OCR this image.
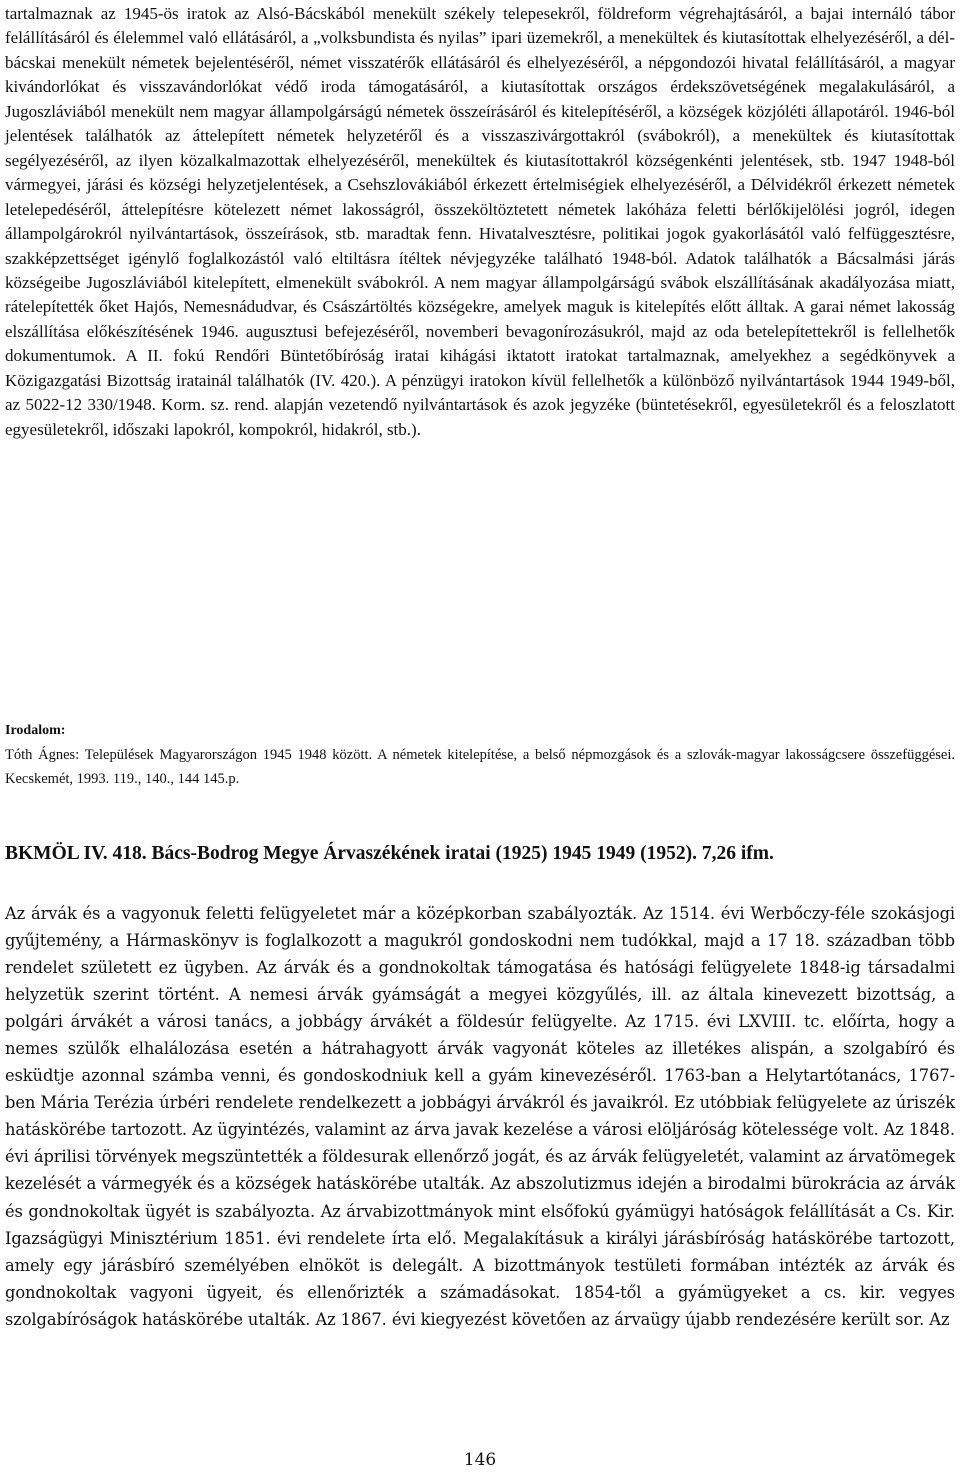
tartalmaznak az 1945-ös iratok az Alsó-Bácskából menekült székely telepesekről, földreform végrehajtásáról, a bajai internáló tábor felállításáról és élelemmel való ellátásáról, a „volksbundista és nyilas” ipari üzemekről, a menekültek és kiutasítottak elhelyezéséről, a dél-bácskai menekült németek bejelentéséről, német visszatérők ellátásáról és elhelyezéséről, a népgondozói hivatal felállításáról, a magyar kivándorlókat és visszavándorlókat védő iroda támogatásáról, a kiutasítottak országos érdekszövetségének megalakulásáról, a Jugoszláviából menekült nem magyar állampolgárságú németek összeírásáról és kitelepítéséről, a községek közjóléti állapotáról. 1946-ból jelentések találhatók az áttelepített németek helyzetéről és a visszaszivárgottakról (svábokról), a menekültek és kiutasítottak segélyezéséről, az ilyen közalkalmazottak elhelyezéséről, menekültek és kiutasítottakról községenkénti jelentések, stb. 1947 1948-ból vármegyei, járási és községi helyzetjelentések, a Csehszlovákiából érkezett értelmiségiek elhelyezéséről, a Délvidékről érkezett németek letelepedéséről, áttelepítésre kötelezett német lakosságról, összeköltöztetett németek lakóháza feletti bérlőkijelölési jogról, idegen állampolgárokról nyilvántartások, összeírások, stb. maradtak fenn. Hivatalvesztésre, politikai jogok gyakorlásától való felfüggesztésre, szakképzettséget igénylő foglalkozástól való eltiltásra ítéltek névjegyzéke található 1948-ból. Adatok találhatók a Bácsalmási járás községeibe Jugoszláviából kitelepített, elmenekült svábokról. A nem magyar állampolgárságú svábok elszállításának akadályozása miatt, rátelepítették őket Hajós, Nemesnádudvar, és Császártöltés községekre, amelyek maguk is kitelepítés előtt álltak. A garai német lakosság elszállítása előkészítésének 1946. augusztusi befejezéséről, novemberi bevagonírozásukról, majd az oda betelepítettekről is fellelhetők dokumentumok. A II. fokú Rendőri Büntetőbíróság iratai kihágási iktatott iratokat tartalmaznak, amelyekhez a segédkönyvek a Közigazgatási Bizottság iratainál találhatók (IV. 420.). A pénzügyi iratokon kívül fellelhetők a különböző nyilvántartások 1944 1949-ből, az 5022-12 330/1948. Korm. sz. rend. alapján vezetendő nyilvántartások és azok jegyzéke (büntetésekről, egyesületekről és a feloszlatott egyesületekről, időszaki lapokról, kompokról, hidakról, stb.).

Irodalom:

Tóth Ágnes: Települések Magyarországon 1945 1948 között. A németek kitelepítése, a belső népmozgások és a szlovák-magyar lakosságcsere összefüggései. Kecskemét, 1993. 119., 140., 144 145.p.

BKMÖL IV. 418. Bács-Bodrog Megye Árvaszékének iratai (1925) 1945 1949 (1952). 7,26 ifm.

Az árvák és a vagyonuk feletti felügyeletet már a középkorban szabályozták. Az 1514. évi Werbőczy-féle szokásjogi gyűjtemény, a Hármaskönyv is foglalkozott a magukról gondoskodni nem tudókkal, majd a 17 18. században több rendelet született ez ügyben. Az árvák és a gondnokoltak támogatása és hatósági felügyelete 1848-ig társadalmi helyzetük szerint történt. A nemesi árvák gyámságát a megyei közgyűlés, ill. az általa kinevezett bizottság, a polgári árvákét a városi tanács, a jobbágy árvákét a földesúr felügyelte. Az 1715. évi LXVIII. tc. előírta, hogy a nemes szülők elhalálozása esetén a hátrahagyott árvák vagyonát köteles az illetékes alispán, a szolgabíró és esküdtje azonnal számba venni, és gondoskodniuk kell a gyám kinevezéséről. 1763-ban a Helytartótanács, 1767-ben Mária Terézia úrbéri rendelete rendelkezett a jobbágyi árvákról és javaikról. Ez utóbbiak felügyelete az úriszék hatáskörébe tartozott. Az ügyintézés, valamint az árva javak kezelése a városi elöljáróság kötelessége volt. Az 1848. évi áprilisi törvények megszüntették a földesurak ellenőrző jogát, és az árvák felügyeletét, valamint az árvatömegek kezelését a vármegyék és a községek hatáskörébe utalták. Az abszolutizmus idején a birodalmi bürokrácia az árvák és gondnokoltak ügyét is szabályozta. Az árvabizottmányok mint elsőfokú gyámügyi hatóságok felállítását a Cs. Kir. Igazságügyi Minisztérium 1851. évi rendelete írta elő. Megalakításuk a királyi járásbíróság hatáskörébe tartozott, amely egy járásbíró személyében elnököt is delegált. A bizottmányok testületi formában intézték az árvák és gondnokoltak vagyoni ügyeit, és ellenőrizték a számadásokat. 1854-től a gyámügyeket a cs. kir. vegyes szolgabíróságok hatáskörébe utalták. Az 1867. évi kiegyezést követően az árvaügy újabb rendezésére került sor. Az

146
